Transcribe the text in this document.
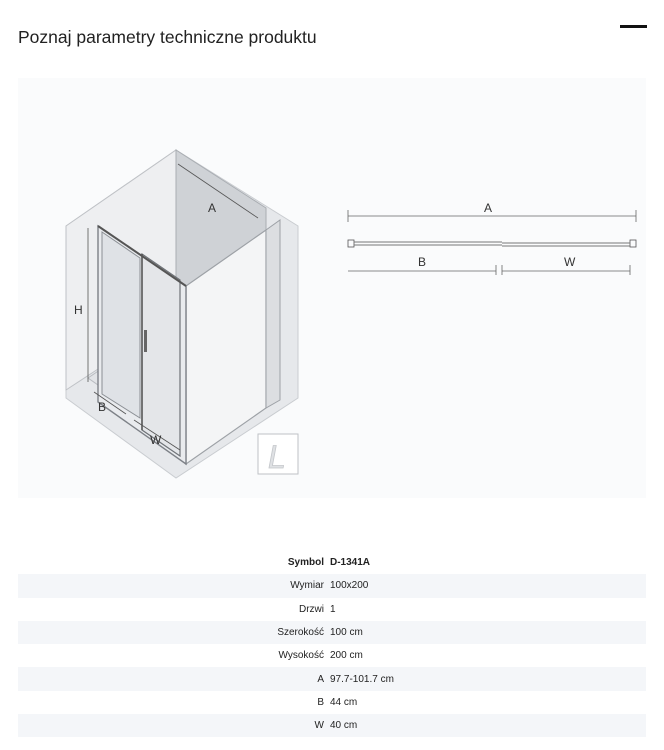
Poznaj parametry techniczne produktu
A
H
B
W	L
A
B	W
Symbol D-1341A
Wymiar 100x200
Drzwi 1
Szerokość 100 cm
Wysokość 200 cm
A 97.7-101.7 cm
B 44 cm
W 40 cm
